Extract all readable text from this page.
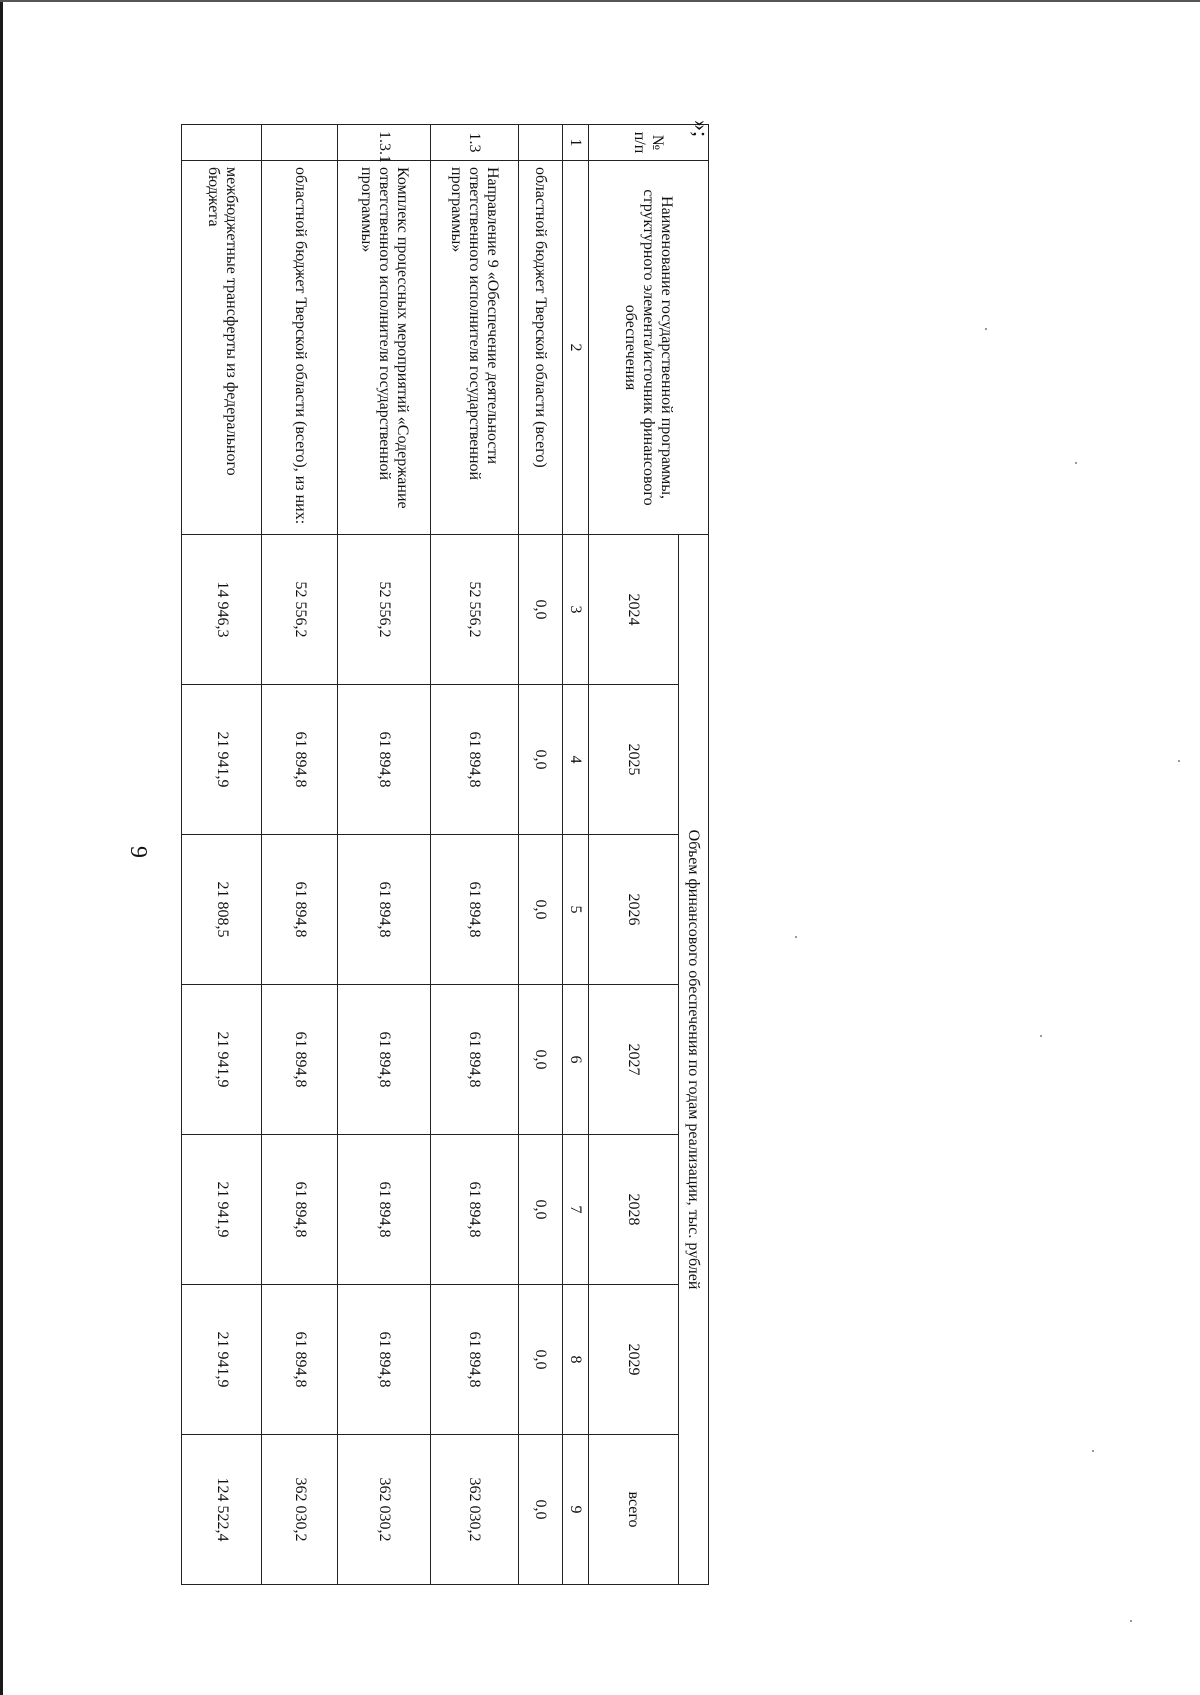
9
№ п/п	Наименование государственной программы, структурного элемента/источник финансового обеспечения	Объем финансового обеспечения по годам реализации, тыс. рублей						
		2024	2025	2026	2027	2028	2029	всего
1	2	3	4	5	6	7	8	9
	областной бюджет Тверской области (всего)	0,0	0,0	0,0	0,0	0,0	0,0	0,0
1.3	Направление 9 «Обеспечение деятельности ответственного исполнителя государственной программы»	52 556,2	61 894,8	61 894,8	61 894,8	61 894,8	61 894,8	362 030,2
1.3.1	Комплекс процессных мероприятий «Содержание ответственного исполнителя государственной программы»	52 556,2	61 894,8	61 894,8	61 894,8	61 894,8	61 894,8	362 030,2
	областной бюджет Тверской области (всего), из них:	52 556,2	61 894,8	61 894,8	61 894,8	61 894,8	61 894,8	362 030,2
	межбюджетные трансферты из федерального бюджета	14 946,3	21 941,9	21 808,5	21 941,9	21 941,9	21 941,9	124 522,4
»;
